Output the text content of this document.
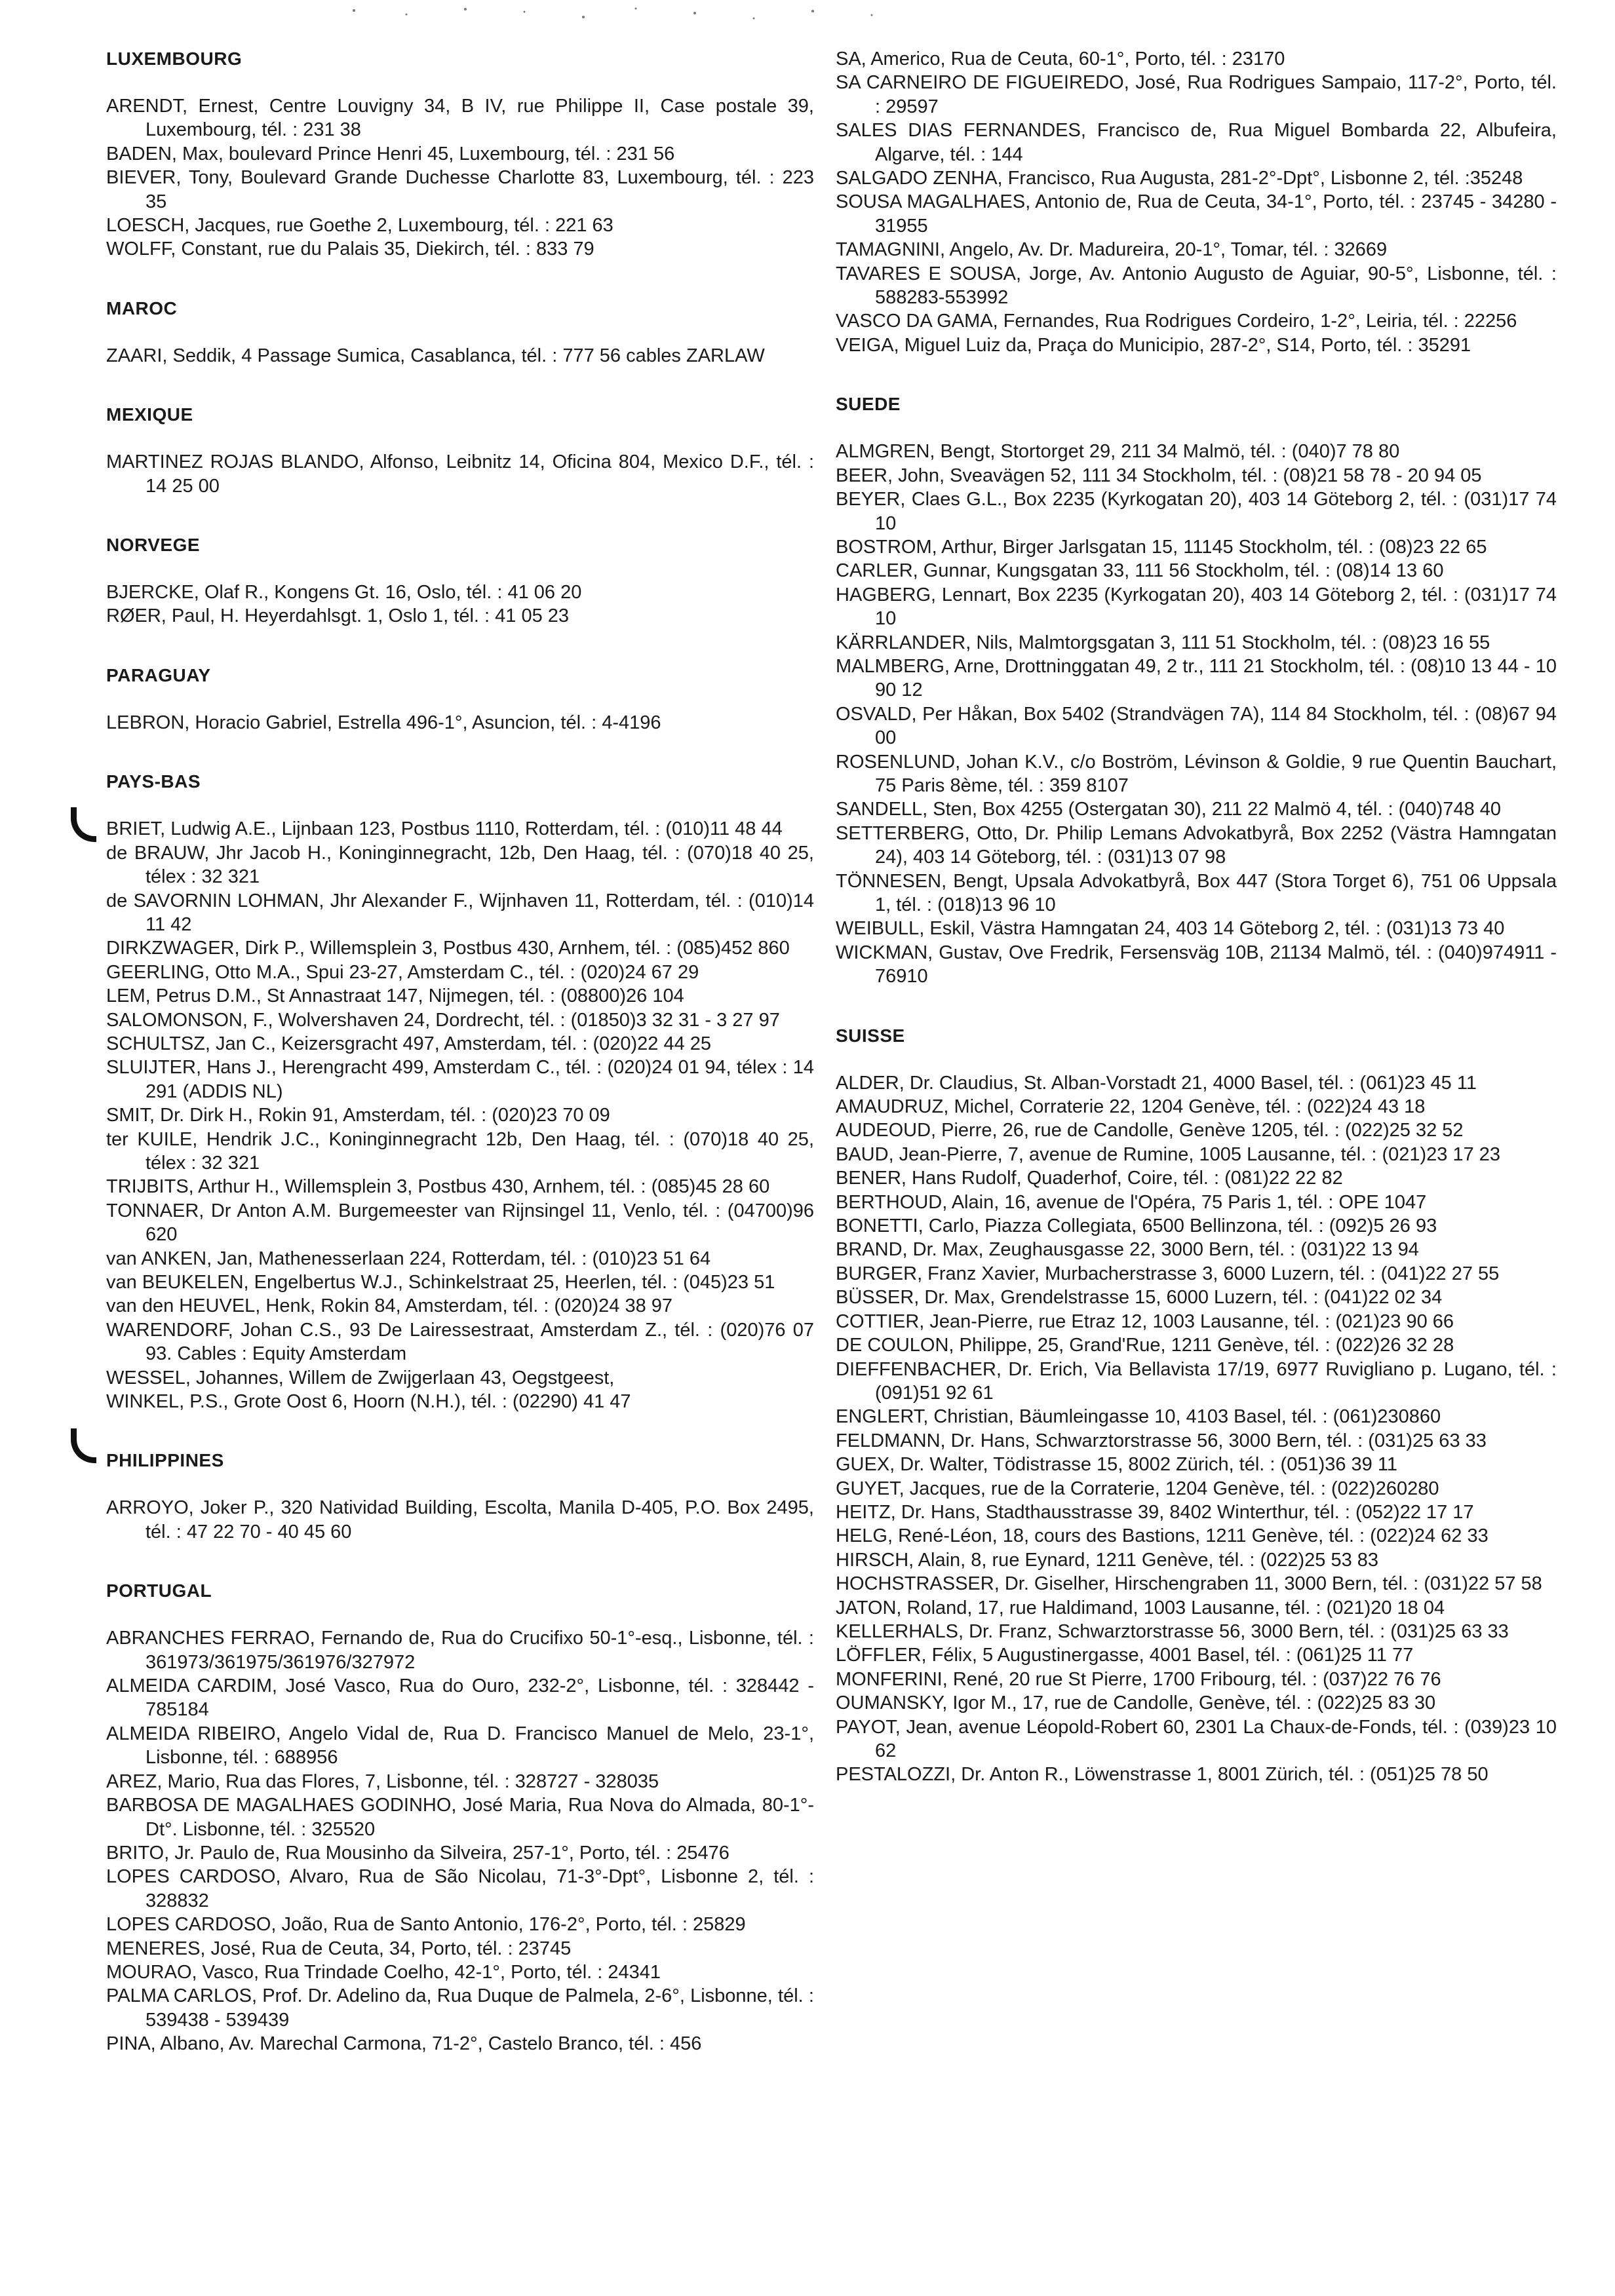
LUXEMBOURG
ARENDT, Ernest, Centre Louvigny 34, B IV, rue Philippe II, Case postale 39, Luxembourg, tél. : 231 38
BADEN, Max, boulevard Prince Henri 45, Luxembourg, tél. : 231 56
BIEVER, Tony, Boulevard Grande Duchesse Charlotte 83, Luxembourg, tél. : 223 35
LOESCH, Jacques, rue Goethe 2, Luxembourg, tél. : 221 63
WOLFF, Constant, rue du Palais 35, Diekirch, tél. : 833 79
MAROC
ZAARI, Seddik, 4 Passage Sumica, Casablanca, tél. : 777 56 cables ZARLAW
MEXIQUE
MARTINEZ ROJAS BLANDO, Alfonso, Leibnitz 14, Oficina 804, Mexico D.F., tél. : 14 25 00
NORVEGE
BJERCKE, Olaf R., Kongens Gt. 16, Oslo, tél. : 41 06 20
RØER, Paul, H. Heyerdahlsgt. 1, Oslo 1, tél. : 41 05 23
PARAGUAY
LEBRON, Horacio Gabriel, Estrella 496-1°, Asuncion, tél. : 4-4196
PAYS-BAS
BRIET, Ludwig A.E., Lijnbaan 123, Postbus 1110, Rotterdam, tél. : (010)11 48 44
de BRAUW, Jhr Jacob H., Koninginnegracht, 12b, Den Haag, tél. : (070)18 40 25, télex : 32 321
de SAVORNIN LOHMAN, Jhr Alexander F., Wijnhaven 11, Rotterdam, tél. : (010)14 11 42
DIRKZWAGER, Dirk P., Willemsplein 3, Postbus 430, Arnhem, tél. : (085)452 860
GEERLING, Otto M.A., Spui 23-27, Amsterdam C., tél. : (020)24 67 29
LEM, Petrus D.M., St Annastraat 147, Nijmegen, tél. : (08800)26 104
SALOMONSON, F., Wolvershaven 24, Dordrecht, tél. : (01850)3 32 31 - 3 27 97
SCHULTSZ, Jan C., Keizersgracht 497, Amsterdam, tél. : (020)22 44 25
SLUIJTER, Hans J., Herengracht 499, Amsterdam C., tél. : (020)24 01 94, télex : 14 291 (ADDIS NL)
SMIT, Dr. Dirk H., Rokin 91, Amsterdam, tél. : (020)23 70 09
ter KUILE, Hendrik J.C., Koninginnegracht 12b, Den Haag, tél. : (070)18 40 25, télex : 32 321
TRIJBITS, Arthur H., Willemsplein 3, Postbus 430, Arnhem, tél. : (085)45 28 60
TONNAER, Dr Anton A.M. Burgemeester van Rijnsingel 11, Venlo, tél. : (04700)96 620
van ANKEN, Jan, Mathenesserlaan 224, Rotterdam, tél. : (010)23 51 64
van BEUKELEN, Engelbertus W.J., Schinkelstraat 25, Heerlen, tél. : (045)23 51
van den HEUVEL, Henk, Rokin 84, Amsterdam, tél. : (020)24 38 97
WARENDORF, Johan C.S., 93 De Lairessestraat, Amsterdam Z., tél. : (020)76 07 93. Cables : Equity Amsterdam
WESSEL, Johannes, Willem de Zwijgerlaan 43, Oegstgeest,
WINKEL, P.S., Grote Oost 6, Hoorn (N.H.), tél. : (02290) 41 47
PHILIPPINES
ARROYO, Joker P., 320 Natividad Building, Escolta, Manila D-405, P.O. Box 2495, tél. : 47 22 70 - 40 45 60
PORTUGAL
ABRANCHES FERRAO, Fernando de, Rua do Crucifixo 50-1°-esq., Lisbonne, tél. : 361973/361975/361976/327972
ALMEIDA CARDIM, José Vasco, Rua do Ouro, 232-2°, Lisbonne, tél. : 328442 - 785184
ALMEIDA RIBEIRO, Angelo Vidal de, Rua D. Francisco Manuel de Melo, 23-1°, Lisbonne, tél. : 688956
AREZ, Mario, Rua das Flores, 7, Lisbonne, tél. : 328727 - 328035
BARBOSA DE MAGALHAES GODINHO, José Maria, Rua Nova do Almada, 80-1°-Dt°. Lisbonne, tél. : 325520
BRITO, Jr. Paulo de, Rua Mousinho da Silveira, 257-1°, Porto, tél. : 25476
LOPES CARDOSO, Alvaro, Rua de São Nicolau, 71-3°-Dpt°, Lisbonne 2, tél. : 328832
LOPES CARDOSO, João, Rua de Santo Antonio, 176-2°, Porto, tél. : 25829
MENERES, José, Rua de Ceuta, 34, Porto, tél. : 23745
MOURAO, Vasco, Rua Trindade Coelho, 42-1°, Porto, tél. : 24341
PALMA CARLOS, Prof. Dr. Adelino da, Rua Duque de Palmela, 2-6°, Lisbonne, tél. : 539438 - 539439
PINA, Albano, Av. Marechal Carmona, 71-2°, Castelo Branco, tél. : 456
SA, Americo, Rua de Ceuta, 60-1°, Porto, tél. : 23170
SA CARNEIRO DE FIGUEIREDO, José, Rua Rodrigues Sampaio, 117-2°, Porto, tél. : 29597
SALES DIAS FERNANDES, Francisco de, Rua Miguel Bombarda 22, Albufeira, Algarve, tél. : 144
SALGADO ZENHA, Francisco, Rua Augusta, 281-2°-Dpt°, Lisbonne 2, tél. :35248
SOUSA MAGALHAES, Antonio de, Rua de Ceuta, 34-1°, Porto, tél. : 23745 - 34280 - 31955
TAMAGNINI, Angelo, Av. Dr. Madureira, 20-1°, Tomar, tél. : 32669
TAVARES E SOUSA, Jorge, Av. Antonio Augusto de Aguiar, 90-5°, Lisbonne, tél. : 588283-553992
VASCO DA GAMA, Fernandes, Rua Rodrigues Cordeiro, 1-2°, Leiria, tél. : 22256
VEIGA, Miguel Luiz da, Praça do Municipio, 287-2°, S14, Porto, tél. : 35291
SUEDE
ALMGREN, Bengt, Stortorget 29, 211 34 Malmö, tél. : (040)7 78 80
BEER, John, Sveavägen 52, 111 34 Stockholm, tél. : (08)21 58 78 - 20 94 05
BEYER, Claes G.L., Box 2235 (Kyrkogatan 20), 403 14 Göteborg 2, tél. : (031)17 74 10
BOSTROM, Arthur, Birger Jarlsgatan 15, 11145 Stockholm, tél. : (08)23 22 65
CARLER, Gunnar, Kungsgatan 33, 111 56 Stockholm, tél. : (08)14 13 60
HAGBERG, Lennart, Box 2235 (Kyrkogatan 20), 403 14 Göteborg 2, tél. : (031)17 74 10
KÄRRLANDER, Nils, Malmtorgsgatan 3, 111 51 Stockholm, tél. : (08)23 16 55
MALMBERG, Arne, Drottninggatan 49, 2 tr., 111 21 Stockholm, tél. : (08)10 13 44 - 10 90 12
OSVALD, Per Håkan, Box 5402 (Strandvägen 7A), 114 84 Stockholm, tél. : (08)67 94 00
ROSENLUND, Johan K.V., c/o Boström, Lévinson & Goldie, 9 rue Quentin Bauchart, 75 Paris 8ème, tél. : 359 8107
SANDELL, Sten, Box 4255 (Ostergatan 30), 211 22 Malmö 4, tél. : (040)748 40
SETTERBERG, Otto, Dr. Philip Lemans Advokatbyrå, Box 2252 (Västra Hamngatan 24), 403 14 Göteborg, tél. : (031)13 07 98
TÖNNESEN, Bengt, Upsala Advokatbyrå, Box 447 (Stora Torget 6), 751 06 Uppsala 1, tél. : (018)13 96 10
WEIBULL, Eskil, Västra Hamngatan 24, 403 14 Göteborg 2, tél. : (031)13 73 40
WICKMAN, Gustav, Ove Fredrik, Fersensväg 10B, 21134 Malmö, tél. : (040)974911 - 76910
SUISSE
ALDER, Dr. Claudius, St. Alban-Vorstadt 21, 4000 Basel, tél. : (061)23 45 11
AMAUDRUZ, Michel, Corraterie 22, 1204 Genève, tél. : (022)24 43 18
AUDEOUD, Pierre, 26, rue de Candolle, Genève 1205, tél. : (022)25 32 52
BAUD, Jean-Pierre, 7, avenue de Rumine, 1005 Lausanne, tél. : (021)23 17 23
BENER, Hans Rudolf, Quaderhof, Coire, tél. : (081)22 22 82
BERTHOUD, Alain, 16, avenue de l'Opéra, 75 Paris 1, tél. : OPE 1047
BONETTI, Carlo, Piazza Collegiata, 6500 Bellinzona, tél. : (092)5 26 93
BRAND, Dr. Max, Zeughausgasse 22, 3000 Bern, tél. : (031)22 13 94
BURGER, Franz Xavier, Murbacherstrasse 3, 6000 Luzern, tél. : (041)22 27 55
BÜSSER, Dr. Max, Grendelstrasse 15, 6000 Luzern, tél. : (041)22 02 34
COTTIER, Jean-Pierre, rue Etraz 12, 1003 Lausanne, tél. : (021)23 90 66
DE COULON, Philippe, 25, Grand'Rue, 1211 Genève, tél. : (022)26 32 28
DIEFFENBACHER, Dr. Erich, Via Bellavista 17/19, 6977 Ruvigliano p. Lugano, tél. : (091)51 92 61
ENGLERT, Christian, Bäumleingasse 10, 4103 Basel, tél. : (061)230860
FELDMANN, Dr. Hans, Schwarztorstrasse 56, 3000 Bern, tél. : (031)25 63 33
GUEX, Dr. Walter, Tödistrasse 15, 8002 Zürich, tél. : (051)36 39 11
GUYET, Jacques, rue de la Corraterie, 1204 Genève, tél. : (022)260280
HEITZ, Dr. Hans, Stadthausstrasse 39, 8402 Winterthur, tél. : (052)22 17 17
HELG, René-Léon, 18, cours des Bastions, 1211 Genève, tél. : (022)24 62 33
HIRSCH, Alain, 8, rue Eynard, 1211 Genève, tél. : (022)25 53 83
HOCHSTRASSER, Dr. Giselher, Hirschengraben 11, 3000 Bern, tél. : (031)22 57 58
JATON, Roland, 17, rue Haldimand, 1003 Lausanne, tél. : (021)20 18 04
KELLERHALS, Dr. Franz, Schwarztorstrasse 56, 3000 Bern, tél. : (031)25 63 33
LÖFFLER, Félix, 5 Augustinergasse, 4001 Basel, tél. : (061)25 11 77
MONFERINI, René, 20 rue St Pierre, 1700 Fribourg, tél. : (037)22 76 76
OUMANSKY, Igor M., 17, rue de Candolle, Genève, tél. : (022)25 83 30
PAYOT, Jean, avenue Léopold-Robert 60, 2301 La Chaux-de-Fonds, tél. : (039)23 10 62
PESTALOZZI, Dr. Anton R., Löwenstrasse 1, 8001 Zürich, tél. : (051)25 78 50
